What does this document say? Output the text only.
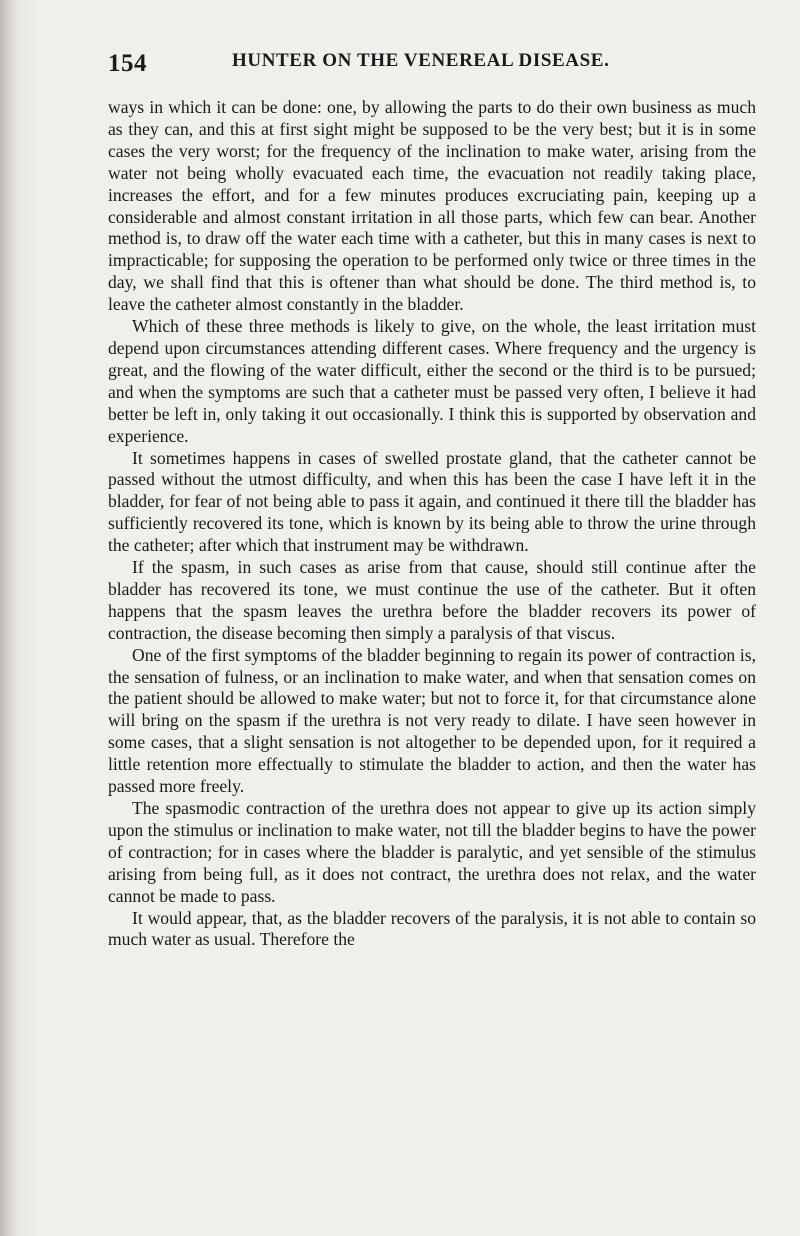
154	HUNTER ON THE VENEREAL DISEASE.

ways in which it can be done: one, by allowing the parts to do their own business as much as they can, and this at first sight might be supposed to be the very best; but it is in some cases the very worst; for the frequency of the inclination to make water, arising from the water not being wholly evacuated each time, the evacuation not readily taking place, increases the effort, and for a few minutes produces excruciating pain, keeping up a considerable and almost constant irritation in all those parts, which few can bear. Another method is, to draw off the water each time with a catheter, but this in many cases is next to impracticable; for supposing the operation to be performed only twice or three times in the day, we shall find that this is oftener than what should be done. The third method is, to leave the catheter almost constantly in the bladder.

Which of these three methods is likely to give, on the whole, the least irritation must depend upon circumstances attending different cases. Where frequency and the urgency is great, and the flowing of the water difficult, either the second or the third is to be pursued; and when the symptoms are such that a catheter must be passed very often, I believe it had better be left in, only taking it out occasionally. I think this is supported by observation and experience.

It sometimes happens in cases of swelled prostate gland, that the catheter cannot be passed without the utmost difficulty, and when this has been the case I have left it in the bladder, for fear of not being able to pass it again, and continued it there till the bladder has sufficiently recovered its tone, which is known by its being able to throw the urine through the catheter; after which that instrument may be withdrawn.

If the spasm, in such cases as arise from that cause, should still continue after the bladder has recovered its tone, we must continue the use of the catheter. But it often happens that the spasm leaves the urethra before the bladder recovers its power of contraction, the disease becoming then simply a paralysis of that viscus.

One of the first symptoms of the bladder beginning to regain its power of contraction is, the sensation of fulness, or an inclination to make water, and when that sensation comes on the patient should be allowed to make water; but not to force it, for that circumstance alone will bring on the spasm if the urethra is not very ready to dilate. I have seen however in some cases, that a slight sensation is not altogether to be depended upon, for it required a little retention more effectually to stimulate the bladder to action, and then the water has passed more freely.

The spasmodic contraction of the urethra does not appear to give up its action simply upon the stimulus or inclination to make water, not till the bladder begins to have the power of contraction; for in cases where the bladder is paralytic, and yet sensible of the stimulus arising from being full, as it does not contract, the urethra does not relax, and the water cannot be made to pass.

It would appear, that, as the bladder recovers of the paralysis, it is not able to contain so much water as usual. Therefore the
